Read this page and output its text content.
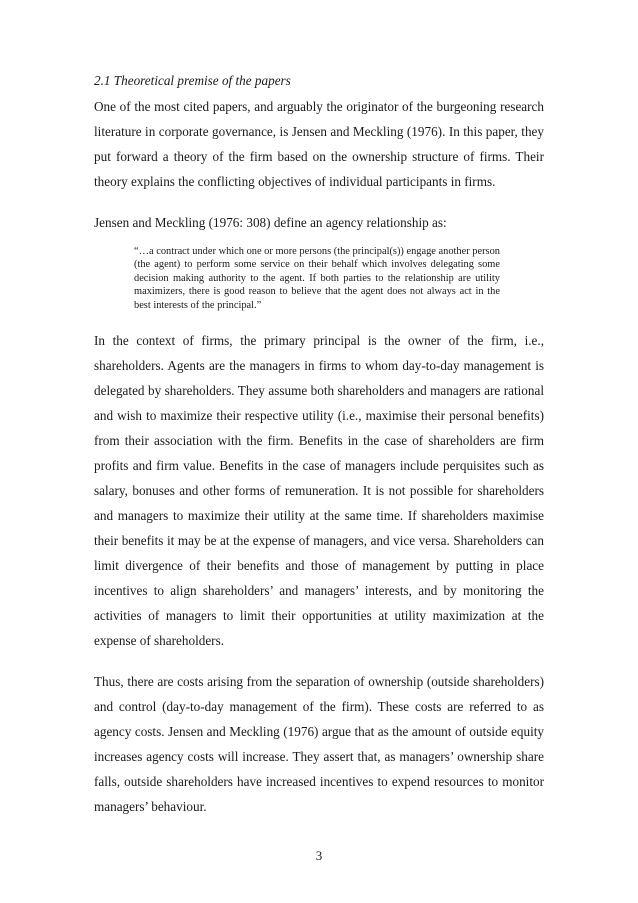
2.1 Theoretical premise of the papers

One of the most cited papers, and arguably the originator of the burgeoning research literature in corporate governance, is Jensen and Meckling (1976). In this paper, they put forward a theory of the firm based on the ownership structure of firms. Their theory explains the conflicting objectives of individual participants in firms.

Jensen and Meckling (1976: 308) define an agency relationship as:

“…a contract under which one or more persons (the principal(s)) engage another person (the agent) to perform some service on their behalf which involves delegating some decision making authority to the agent. If both parties to the relationship are utility maximizers, there is good reason to believe that the agent does not always act in the best interests of the principal.”

In the context of firms, the primary principal is the owner of the firm, i.e., shareholders. Agents are the managers in firms to whom day-to-day management is delegated by shareholders. They assume both shareholders and managers are rational and wish to maximize their respective utility (i.e., maximise their personal benefits) from their association with the firm. Benefits in the case of shareholders are firm profits and firm value. Benefits in the case of managers include perquisites such as salary, bonuses and other forms of remuneration. It is not possible for shareholders and managers to maximize their utility at the same time. If shareholders maximise their benefits it may be at the expense of managers, and vice versa. Shareholders can limit divergence of their benefits and those of management by putting in place incentives to align shareholders’ and managers’ interests, and by monitoring the activities of managers to limit their opportunities at utility maximization at the expense of shareholders.

Thus, there are costs arising from the separation of ownership (outside shareholders) and control (day-to-day management of the firm). These costs are referred to as agency costs. Jensen and Meckling (1976) argue that as the amount of outside equity increases agency costs will increase. They assert that, as managers’ ownership share falls, outside shareholders have increased incentives to expend resources to monitor managers’ behaviour.

3
